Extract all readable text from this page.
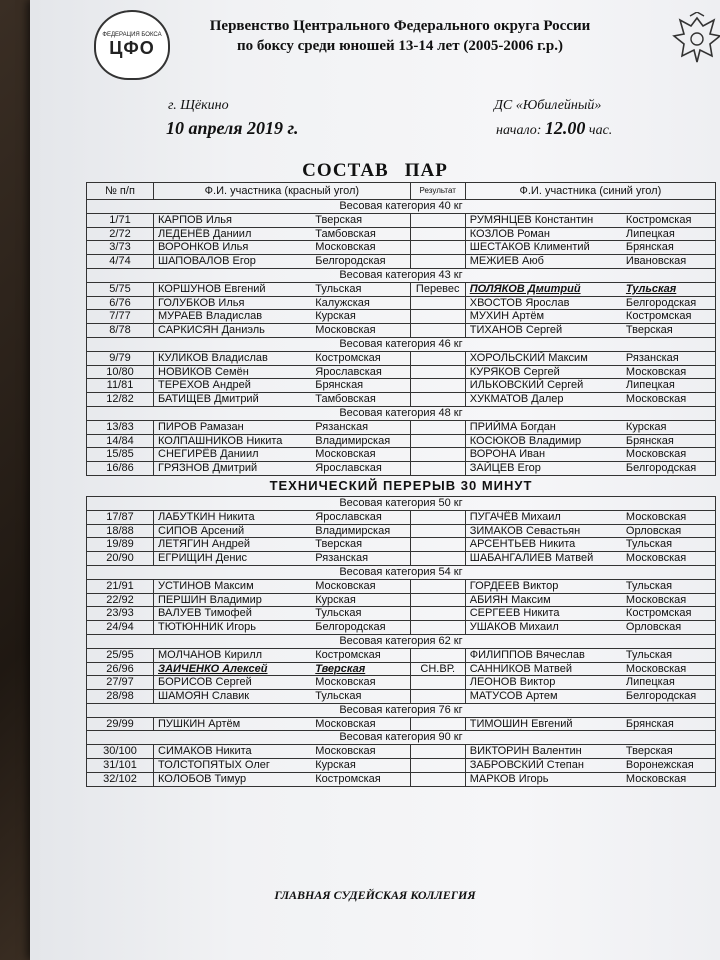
ФЕДЕРАЦИЯ БОКСА
ЦФО
Первенство Центрального Федерального округа России
по боксу среди юношей 13-14 лет (2005-2006 г.р.)
г. Щёкино
10 апреля 2019 г.
ДС «Юбилейный»
начало: 12.00 час.
СОСТАВ ПАР
№ п/п	Ф.И. участника (красный угол)		Результат	Ф.И. участника (синий угол)	
Весовая категория 40 кг					
1/71	КАРПОВ Илья	Тверская		РУМЯНЦЕВ Константин	Костромская
2/72	ЛЕДЕНЁВ Даниил	Тамбовская		КОЗЛОВ Роман	Липецкая
3/73	ВОРОНКОВ Илья	Московская		ШЕСТАКОВ Климентий	Брянская
4/74	ШАПОВАЛОВ Егор	Белгородская		МЕЖИЕВ Аюб	Ивановская
Весовая категория 43 кг					
5/75	КОРШУНОВ Евгений	Тульская	Перевес	ПОЛЯКОВ Дмитрий	Тульская
6/76	ГОЛУБКОВ Илья	Калужская		ХВОСТОВ Ярослав	Белгородская
7/77	МУРАЕВ Владислав	Курская		МУХИН Артём	Костромская
8/78	САРКИСЯН Даниэль	Московская		ТИХАНОВ Сергей	Тверская
Весовая категория 46 кг					
9/79	КУЛИКОВ Владислав	Костромская		ХОРОЛЬСКИЙ Максим	Рязанская
10/80	НОВИКОВ Семён	Ярославская		КУРЯКОВ Сергей	Московская
11/81	ТЕРЕХОВ Андрей	Брянская		ИЛЬКОВСКИЙ Сергей	Липецкая
12/82	БАТИЩЕВ Дмитрий	Тамбовская		ХУКМАТОВ Далер	Московская
Весовая категория 48 кг					
13/83	ПИРОВ Рамазан	Рязанская		ПРИЙМА Богдан	Курская
14/84	КОЛПАШНИКОВ Никита	Владимирская		КОСЮКОВ Владимир	Брянская
15/85	СНЕГИРЁВ Даниил	Московская		ВОРОНА Иван	Московская
16/86	ГРЯЗНОВ Дмитрий	Ярославская		ЗАЙЦЕВ Егор	Белгородская
ТЕХНИЧЕСКИЙ ПЕРЕРЫВ 30 МИНУТ					
Весовая категория 50 кг					
17/87	ЛАБУТКИН Никита	Ярославская		ПУГАЧЁВ Михаил	Московская
18/88	СИПОВ Арсений	Владимирская		ЗИМАКОВ Севастьян	Орловская
19/89	ЛЕТЯГИН Андрей	Тверская		АРСЕНТЬЕВ Никита	Тульская
20/90	ЕГРИЩИН Денис	Рязанская		ШАБАНГАЛИЕВ Матвей	Московская
Весовая категория 54 кг					
21/91	УСТИНОВ Максим	Московская		ГОРДЕЕВ Виктор	Тульская
22/92	ПЕРШИН Владимир	Курская		АБИЯН Максим	Московская
23/93	ВАЛУЕВ Тимофей	Тульская		СЕРГЕЕВ Никита	Костромская
24/94	ТЮТЮННИК Игорь	Белгородская		УШАКОВ Михаил	Орловская
Весовая категория 62 кг					
25/95	МОЛЧАНОВ Кирилл	Костромская		ФИЛИППОВ Вячеслав	Тульская
26/96	ЗАИЧЕНКО Алексей	Тверская	СН.ВР.	САННИКОВ Матвей	Московская
27/97	БОРИСОВ Сергей	Московская		ЛЕОНОВ Виктор	Липецкая
28/98	ШАМОЯН Славик	Тульская		МАТУСОВ Артем	Белгородская
Весовая категория 76 кг					
29/99	ПУШКИН Артём	Московская		ТИМОШИН Евгений	Брянская
Весовая категория 90 кг					
30/100	СИМАКОВ Никита	Московская		ВИКТОРИН Валентин	Тверская
31/101	ТОЛСТОПЯТЫХ Олег	Курская		ЗАБРОВСКИЙ Степан	Воронежская
32/102	КОЛОБОВ Тимур	Костромская		МАРКОВ Игорь	Московская
ГЛАВНАЯ СУДЕЙСКАЯ КОЛЛЕГИЯ
